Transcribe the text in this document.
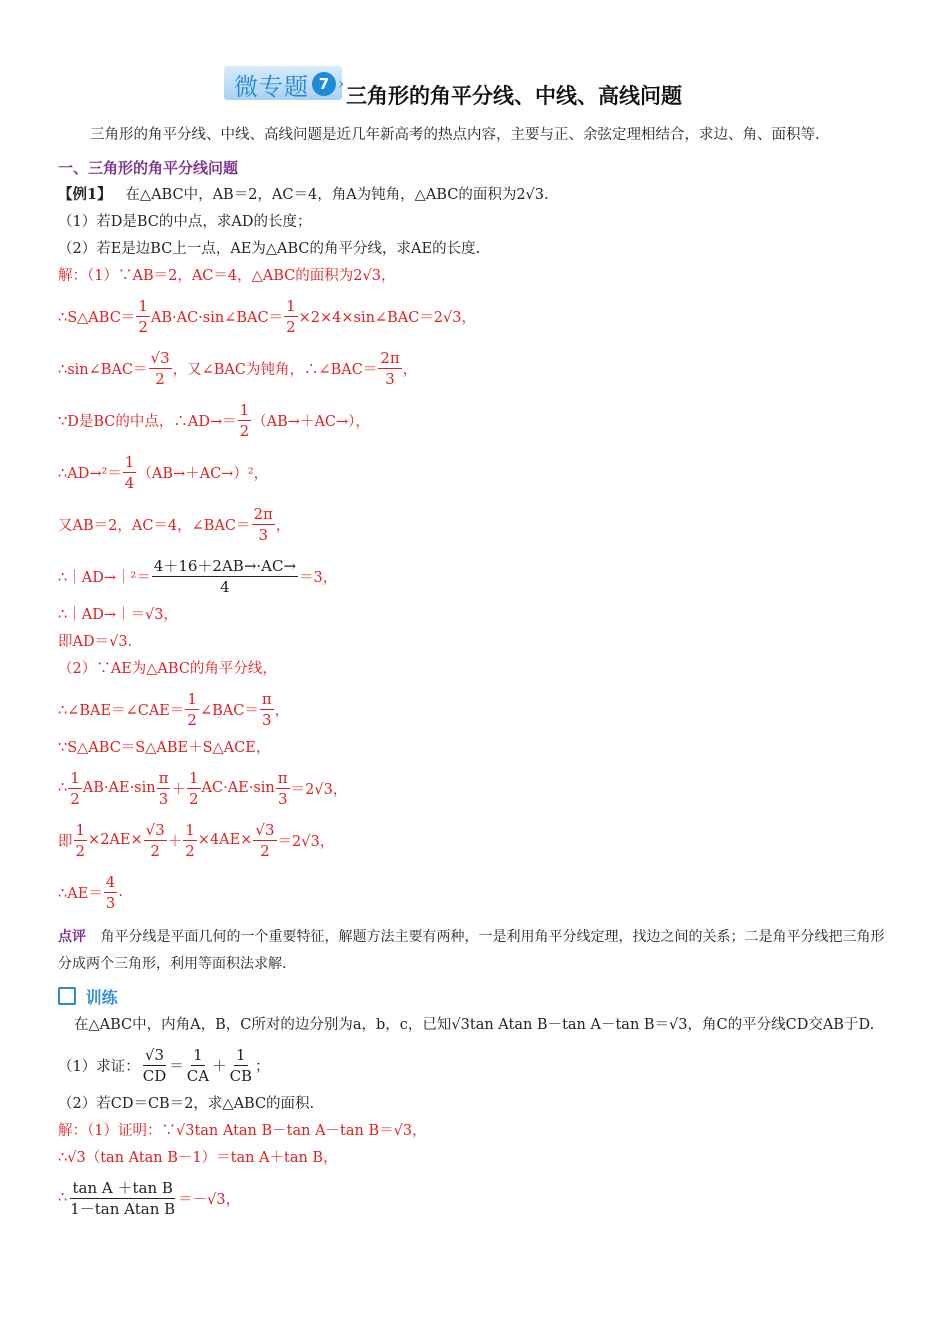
微专题 7 ›
三角形的角平分线、中线、高线问题

三角形的角平分线、中线、高线问题是近几年新高考的热点内容，主要与正、余弦定理相结合，求边、角、面积等.

一、三角形的角平分线问题

【例1】 在△ABC中，AB＝2，AC＝4，角A为钝角，△ABC的面积为2√3.

（1）若D是BC的中点，求AD的长度；

（2）若E是边BC上一点，AE为△ABC的角平分线，求AE的长度.

解：（1）∵AB＝2，AC＝4，△ABC的面积为2√3，

∴S△ABC＝ $\frac{1}{2}$ AB·AC·sin∠BAC＝ $\frac{1}{2}$ ×2×4×sin∠BAC＝2√3，
∴sin∠BAC＝ $\frac{√3}{2}$ ，又∠BAC为钝角，∴∠BAC＝ $\frac{2\pi}{3}$ ，
∵D是BC的中点，∴AD→＝ $\frac{1}{2} (AB\to+AC\to)$，
∴AD→²＝ $\frac{1}{4} (AB\to+AC\to)^2$，
又AB＝2，AC＝4，∠BAC＝ $\frac{2\pi}{3}$ ，
∴｜AD→｜²＝ $\frac{4+16+2AB\to\cdot AC\to}{4} =3$，

∴｜AD→｜＝√3，

即AD＝√3.

（2）∵AE为△ABC的角平分线，

∴∠BAE＝∠CAE＝ $\frac{1}{2}$ ∠BAC＝ $\frac{\pi}{3}$ ，

∵S△ABC＝S△ABE＋S△ACE，

∴ $\frac{1}{2} AB\cdot AE\cdot\sin \frac{\pi}{3} + \frac{1}{2} AC\cdot AE\cdot\sin \frac{\pi}{3} =2√3$，
即 $\frac{1}{2} \times 2AE\times \frac{√3}{2} + \frac{1}{2} \times 4AE\times \frac{√3}{2} =2√3$，
∴AE＝ $\frac{4}{3}$ .

点评 角平分线是平面几何的一个重要特征，解题方法主要有两种，一是利用角平分线定理，找边之间的关系；二是角平分线把三角形分成两个三角形，利用等面积法求解.

训练

在△ABC中，内角A，B，C所对的边分别为a，b，c，已知√3tan Atan B－tan A－tan B＝√3，角C的平分线CD交AB于D.

（1）求证： $\frac{√3}{CD} = \frac{1}{CA} + \frac{1}{CB}$ ；

（2）若CD＝CB＝2，求△ABC的面积.

解：（1）证明：∵√3tan Atan B－tan A－tan B＝√3，

∴√3（tan Atan B－1）＝tan A＋tan B，

∴ $\frac{\text{tan A ＋tan B}}{\text{1－tan Atan B}} =-√3$，
